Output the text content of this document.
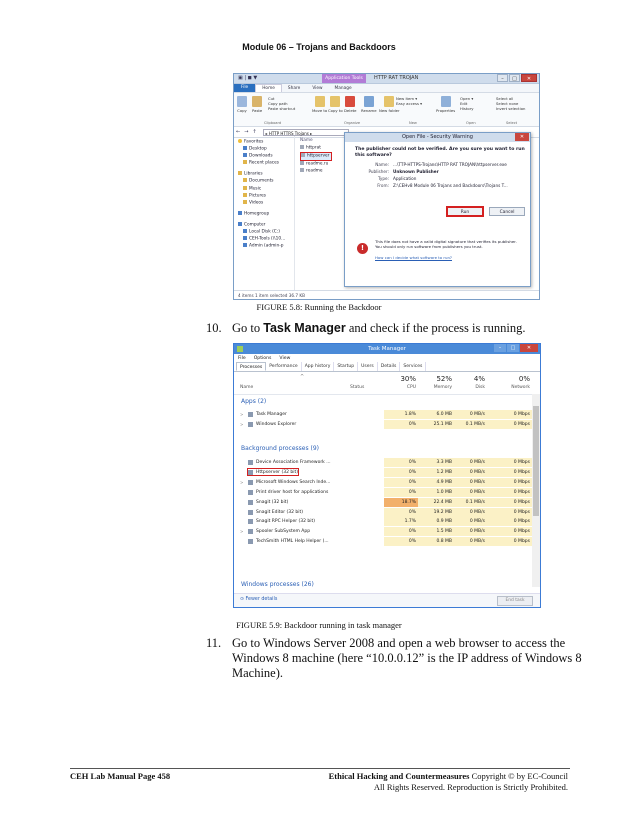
Module 06 – Trojans and Backdoors
▣ | ◼ ▼	Application Tools	HTTP RAT TROJAN	–	□	✕
File	Home	Share	View	Manage
Copy Paste
Cut
Copy path
Paste shortcut	Move to Copy to Delete Rename New folder
New item ▾
Easy access ▾
Properties
Open ▾
Edit
History
Select all
Select none
Invert selection
Clipboard	Organize	New	Open	Select
← → ↑	▸ HTTP HTTRS Trojans ▸
Favorites
Desktop
Downloads
Recent places
Libraries
Documents
Music
Pictures
Videos
Homegroup
Computer
Local Disk (C:)
CEH-Tools (\\10...
Admin (admin-p
Name
httprat
httpserver
readme.ru
readme
Open File - Security Warning	✕
The publisher could not be verified. Are you sure you want to run this software?
Name: ...\TTP-HTTPS-Trojans\HTTP RAT TROJAN\httpserver.exe
Publisher: Unknown Publisher
Type: Application
From: Z:\CEHv8 Module 06 Trojans and Backdoors\Trojans T...
Run	Cancel
!
This file does not have a valid digital signature that verifies its publisher. You should only run software from publishers you trust.
How can I decide what software to run?
4 items 1 item selected 36.7 KB
FIGURE 5.8: Running the Backdoor
10. Go to Task Manager and check if the process is running.
Task Manager	–	□	✕
File	Options	View
Processes	Performance	App history	Startup	Users	Details	Services
^
Name	Status
30%
CPU
52%
Memory
4%
Disk
0%
Network
Apps (2)
>	Task Manager	1.8%	6.0 MB	0 MB/s	0 Mbps
>	Windows Explorer	0%	25.1 MB	0.1 MB/s	0 Mbps
Background processes (9)
Device Association Framework ...	0%	3.3 MB	0 MB/s	0 Mbps
Httpserver (32 bit)	0%	1.2 MB	0 MB/s	0 Mbps
>	Microsoft Windows Search Inde...	0%	4.9 MB	0 MB/s	0 Mbps
Print driver host for applications	0%	1.0 MB	0 MB/s	0 Mbps
Snagit (32 bit)	18.7%	22.4 MB	0.1 MB/s	0 Mbps
Snagit Editor (32 bit)	0%	19.2 MB	0 MB/s	0 Mbps
Snagit RPC Helper (32 bit)	1.7%	0.9 MB	0 MB/s	0 Mbps
>	Spooler SubSystem App	0%	1.5 MB	0 MB/s	0 Mbps
TechSmith HTML Help Helper (...	0%	0.8 MB	0 MB/s	0 Mbps
Windows processes (26)
⊙ Fewer details	End task
FIGURE 5.9: Backdoor running in task manager
11. Go to Windows Server 2008 and open a web browser to access the Windows 8 machine (here “10.0.0.12” is the IP address of Windows 8 Machine).
CEH Lab Manual Page 458	Ethical Hacking and Countermeasures Copyright © by EC-Council
All Rights Reserved. Reproduction is Strictly Prohibited.
